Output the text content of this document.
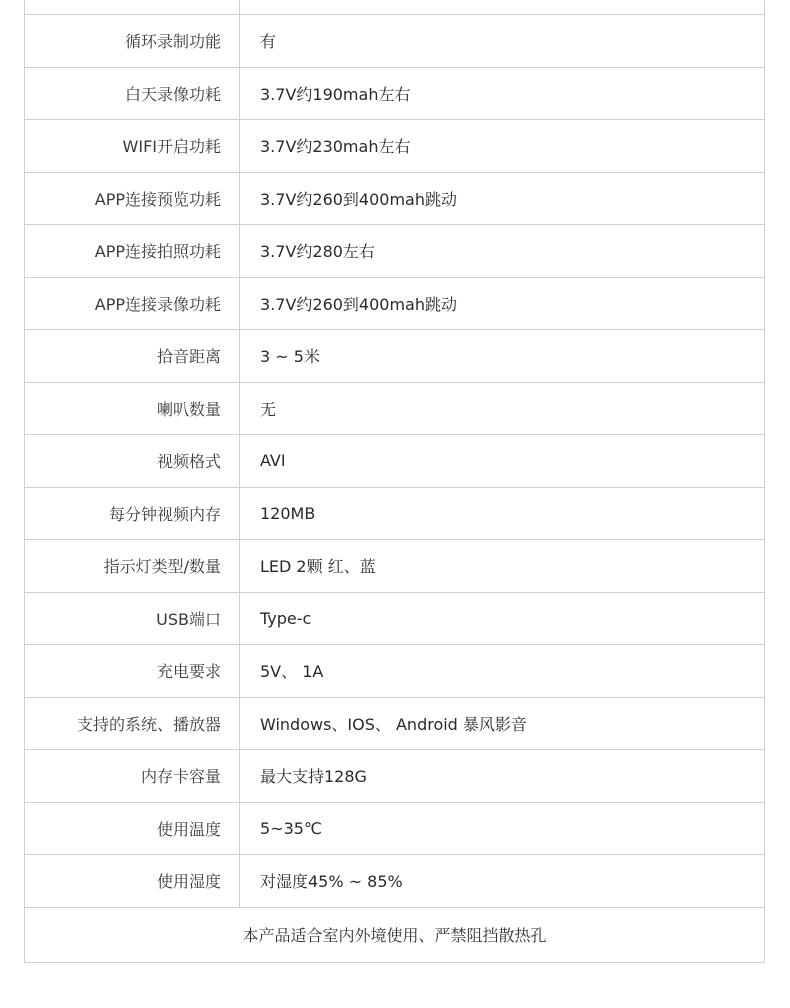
循环录制功能	有
白天录像功耗	3.7V约190mah左右
WIFI开启功耗	3.7V约230mah左右
APP连接预览功耗	3.7V约260到400mah跳动
APP连接拍照功耗	3.7V约280左右
APP连接录像功耗	3.7V约260到400mah跳动
拾音距离	3 ~ 5米
喇叭数量	无
视频格式	AVI
每分钟视频内存	120MB
指示灯类型/数量	LED 2颗 红、蓝
USB端口	Type-c
充电要求	5V、 1A
支持的系统、播放器	Windows、IOS、 Android 暴风影音
内存卡容量	最大支持128G
使用温度	5~35℃
使用湿度	对湿度45% ~ 85%
本产品适合室内外境使用、严禁阻挡散热孔	
